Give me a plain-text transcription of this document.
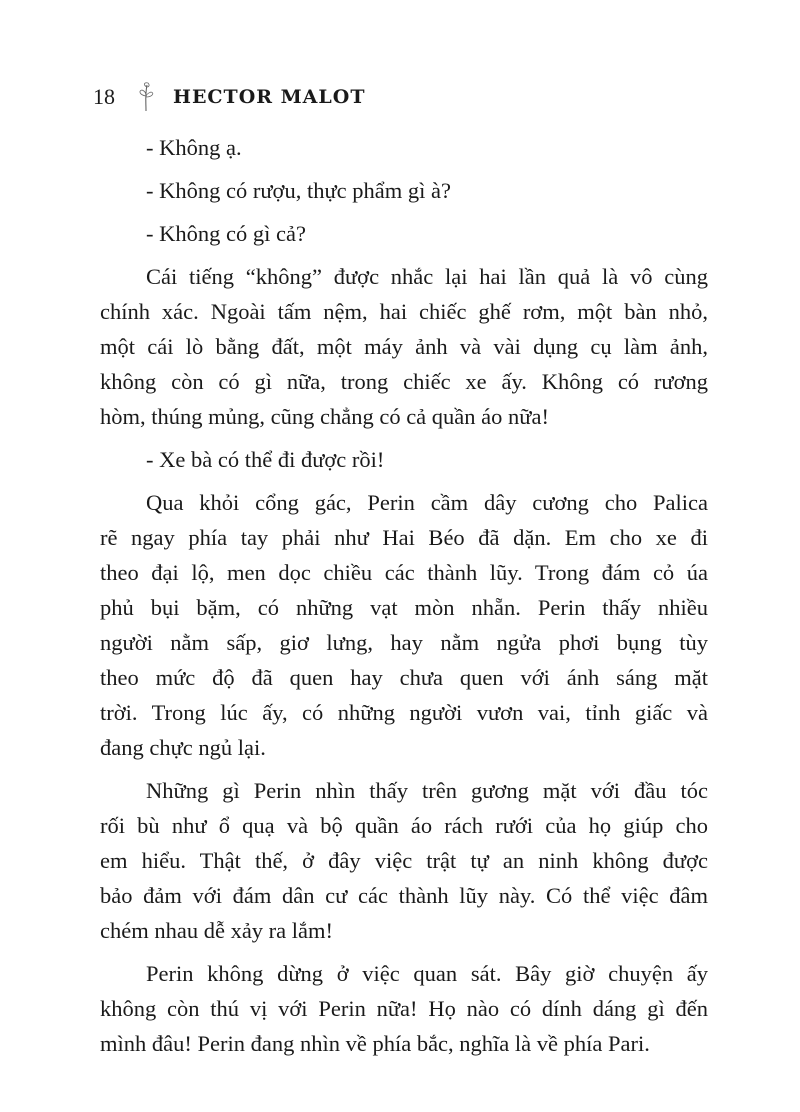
18	HECTOR MALOT
- Không ạ.
- Không có rượu, thực phẩm gì à?
- Không có gì cả?
Cái tiếng “không” được nhắc lại hai lần quả là vô cùng
chính xác. Ngoài tấm nệm, hai chiếc ghế rơm, một bàn nhỏ,
một cái lò bằng đất, một máy ảnh và vài dụng cụ làm ảnh,
không còn có gì nữa, trong chiếc xe ấy. Không có rương
hòm, thúng mủng, cũng chẳng có cả quần áo nữa!
- Xe bà có thể đi được rồi!
Qua khỏi cổng gác, Perin cầm dây cương cho Palica
rẽ ngay phía tay phải như Hai Béo đã dặn. Em cho xe đi
theo đại lộ, men dọc chiều các thành lũy. Trong đám cỏ úa
phủ bụi bặm, có những vạt mòn nhẵn. Perin thấy nhiều
người nằm sấp, giơ lưng, hay nằm ngửa phơi bụng tùy
theo mức độ đã quen hay chưa quen với ánh sáng mặt
trời. Trong lúc ấy, có những người vươn vai, tỉnh giấc và
đang chực ngủ lại.
Những gì Perin nhìn thấy trên gương mặt với đầu tóc
rối bù như ổ quạ và bộ quần áo rách rưới của họ giúp cho
em hiểu. Thật thế, ở đây việc trật tự an ninh không được
bảo đảm với đám dân cư các thành lũy này. Có thể việc đâm
chém nhau dễ xảy ra lắm!
Perin không dừng ở việc quan sát. Bây giờ chuyện ấy
không còn thú vị với Perin nữa! Họ nào có dính dáng gì đến
mình đâu! Perin đang nhìn về phía bắc, nghĩa là về phía Pari.
